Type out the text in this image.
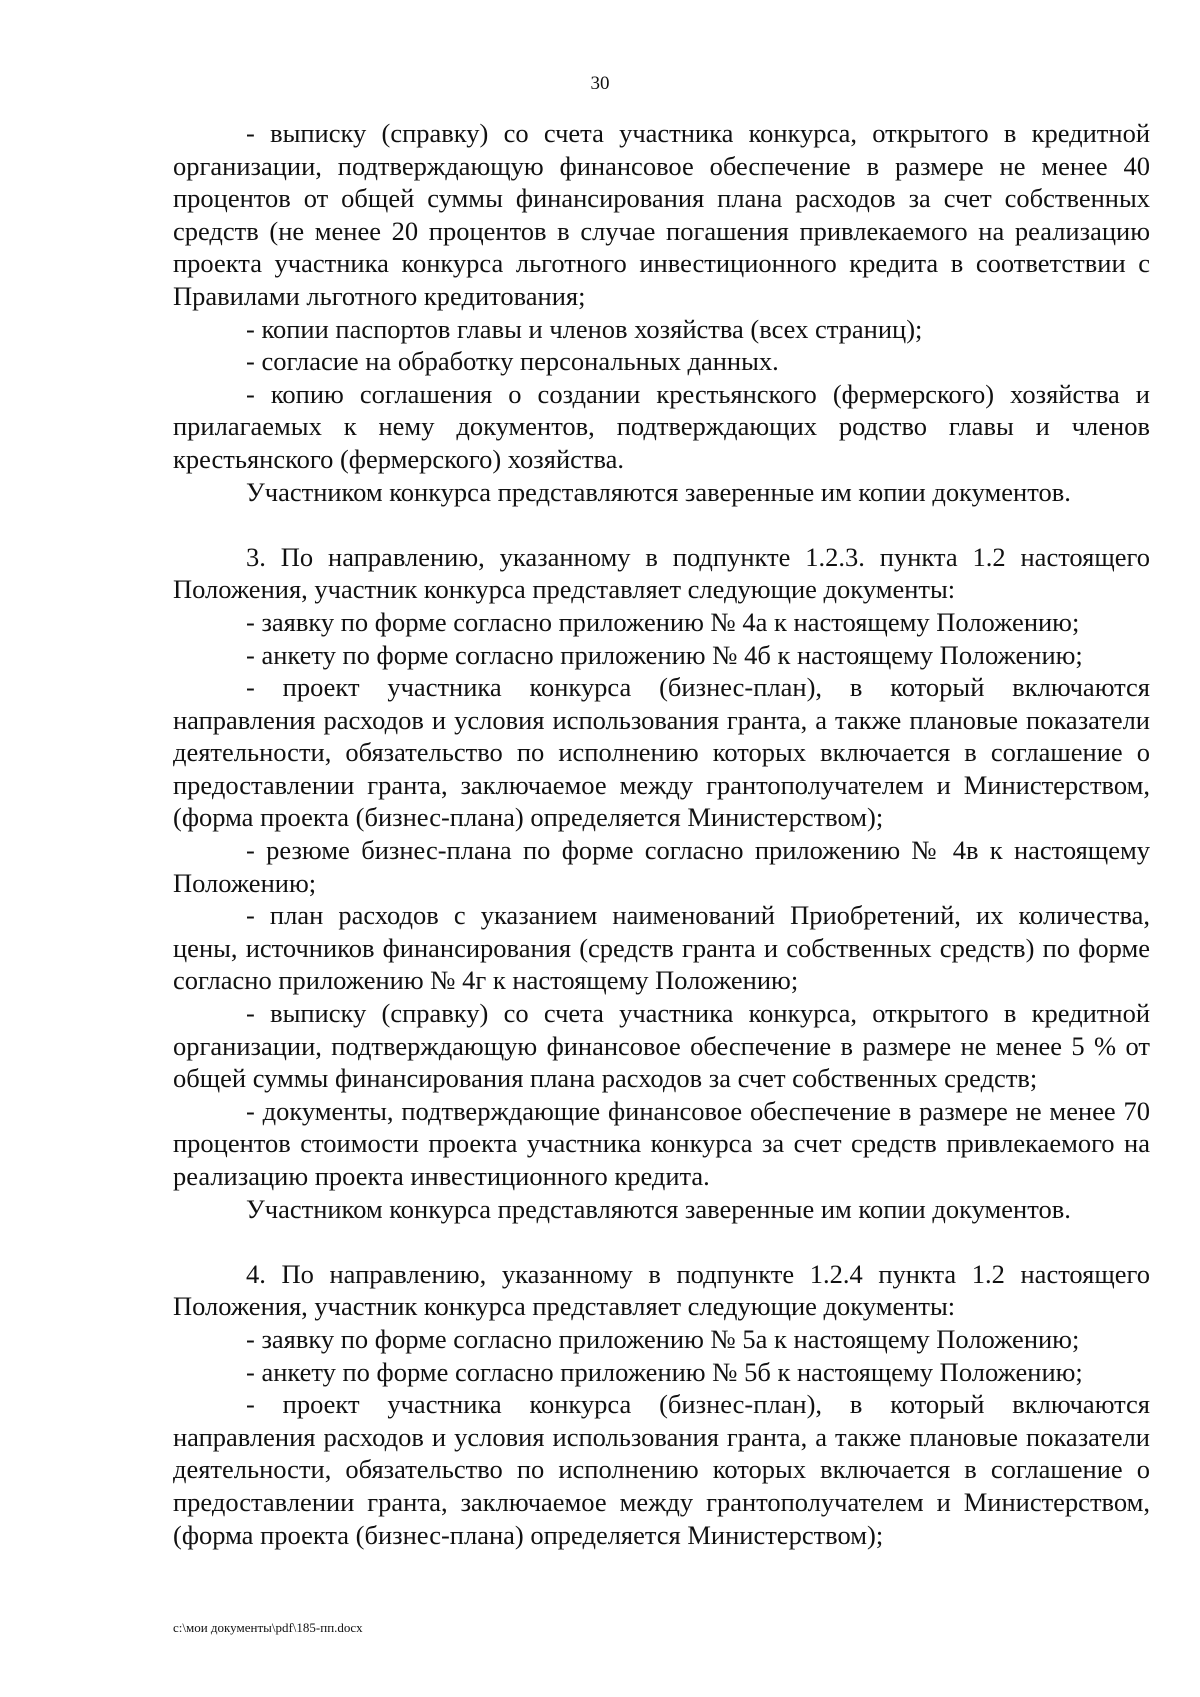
30

- выписку (справку) со счета участника конкурса, открытого в кредитной организации, подтверждающую финансовое обеспечение в размере не менее 40 процентов от общей суммы финансирования плана расходов за счет собственных средств (не менее 20 процентов в случае погашения привлекаемого на реализацию проекта участника конкурса льготного инвестиционного кредита в соответствии с Правилами льготного кредитования;

- копии паспортов главы и членов хозяйства (всех страниц);

- согласие на обработку персональных данных.

- копию соглашения о создании крестьянского (фермерского) хозяйства и прилагаемых к нему документов, подтверждающих родство главы и членов крестьянского (фермерского) хозяйства.

Участником конкурса представляются заверенные им копии документов.

3. По направлению, указанному в подпункте 1.2.3. пункта 1.2 настоящего Положения, участник конкурса представляет следующие документы:

- заявку по форме согласно приложению № 4а к настоящему Положению;

- анкету по форме согласно приложению № 4б к настоящему Положению;

- проект участника конкурса (бизнес-план), в который включаются направления расходов и условия использования гранта, а также плановые показатели деятельности, обязательство по исполнению которых включается в соглашение о предоставлении гранта, заключаемое между грантополучателем и Министерством, (форма проекта (бизнес-плана) определяется Министерством);

- резюме бизнес-плана по форме согласно приложению № 4в к настоящему Положению;

- план расходов с указанием наименований Приобретений, их количества, цены, источников финансирования (средств гранта и собственных средств) по форме согласно приложению № 4г к настоящему Положению;

- выписку (справку) со счета участника конкурса, открытого в кредитной организации, подтверждающую финансовое обеспечение в размере не менее 5 % от общей суммы финансирования плана расходов за счет собственных средств;

- документы, подтверждающие финансовое обеспечение в размере не менее 70 процентов стоимости проекта участника конкурса за счет средств привлекаемого на реализацию проекта инвестиционного кредита.

Участником конкурса представляются заверенные им копии документов.

4. По направлению, указанному в подпункте 1.2.4 пункта 1.2 настоящего Положения, участник конкурса представляет следующие документы:

- заявку по форме согласно приложению № 5а к настоящему Положению;

- анкету по форме согласно приложению № 5б к настоящему Положению;

- проект участника конкурса (бизнес-план), в который включаются направления расходов и условия использования гранта, а также плановые показатели деятельности, обязательство по исполнению которых включается в соглашение о предоставлении гранта, заключаемое между грантополучателем и Министерством, (форма проекта (бизнес-плана) определяется Министерством);

c:\мои документы\pdf\185-пп.docx
